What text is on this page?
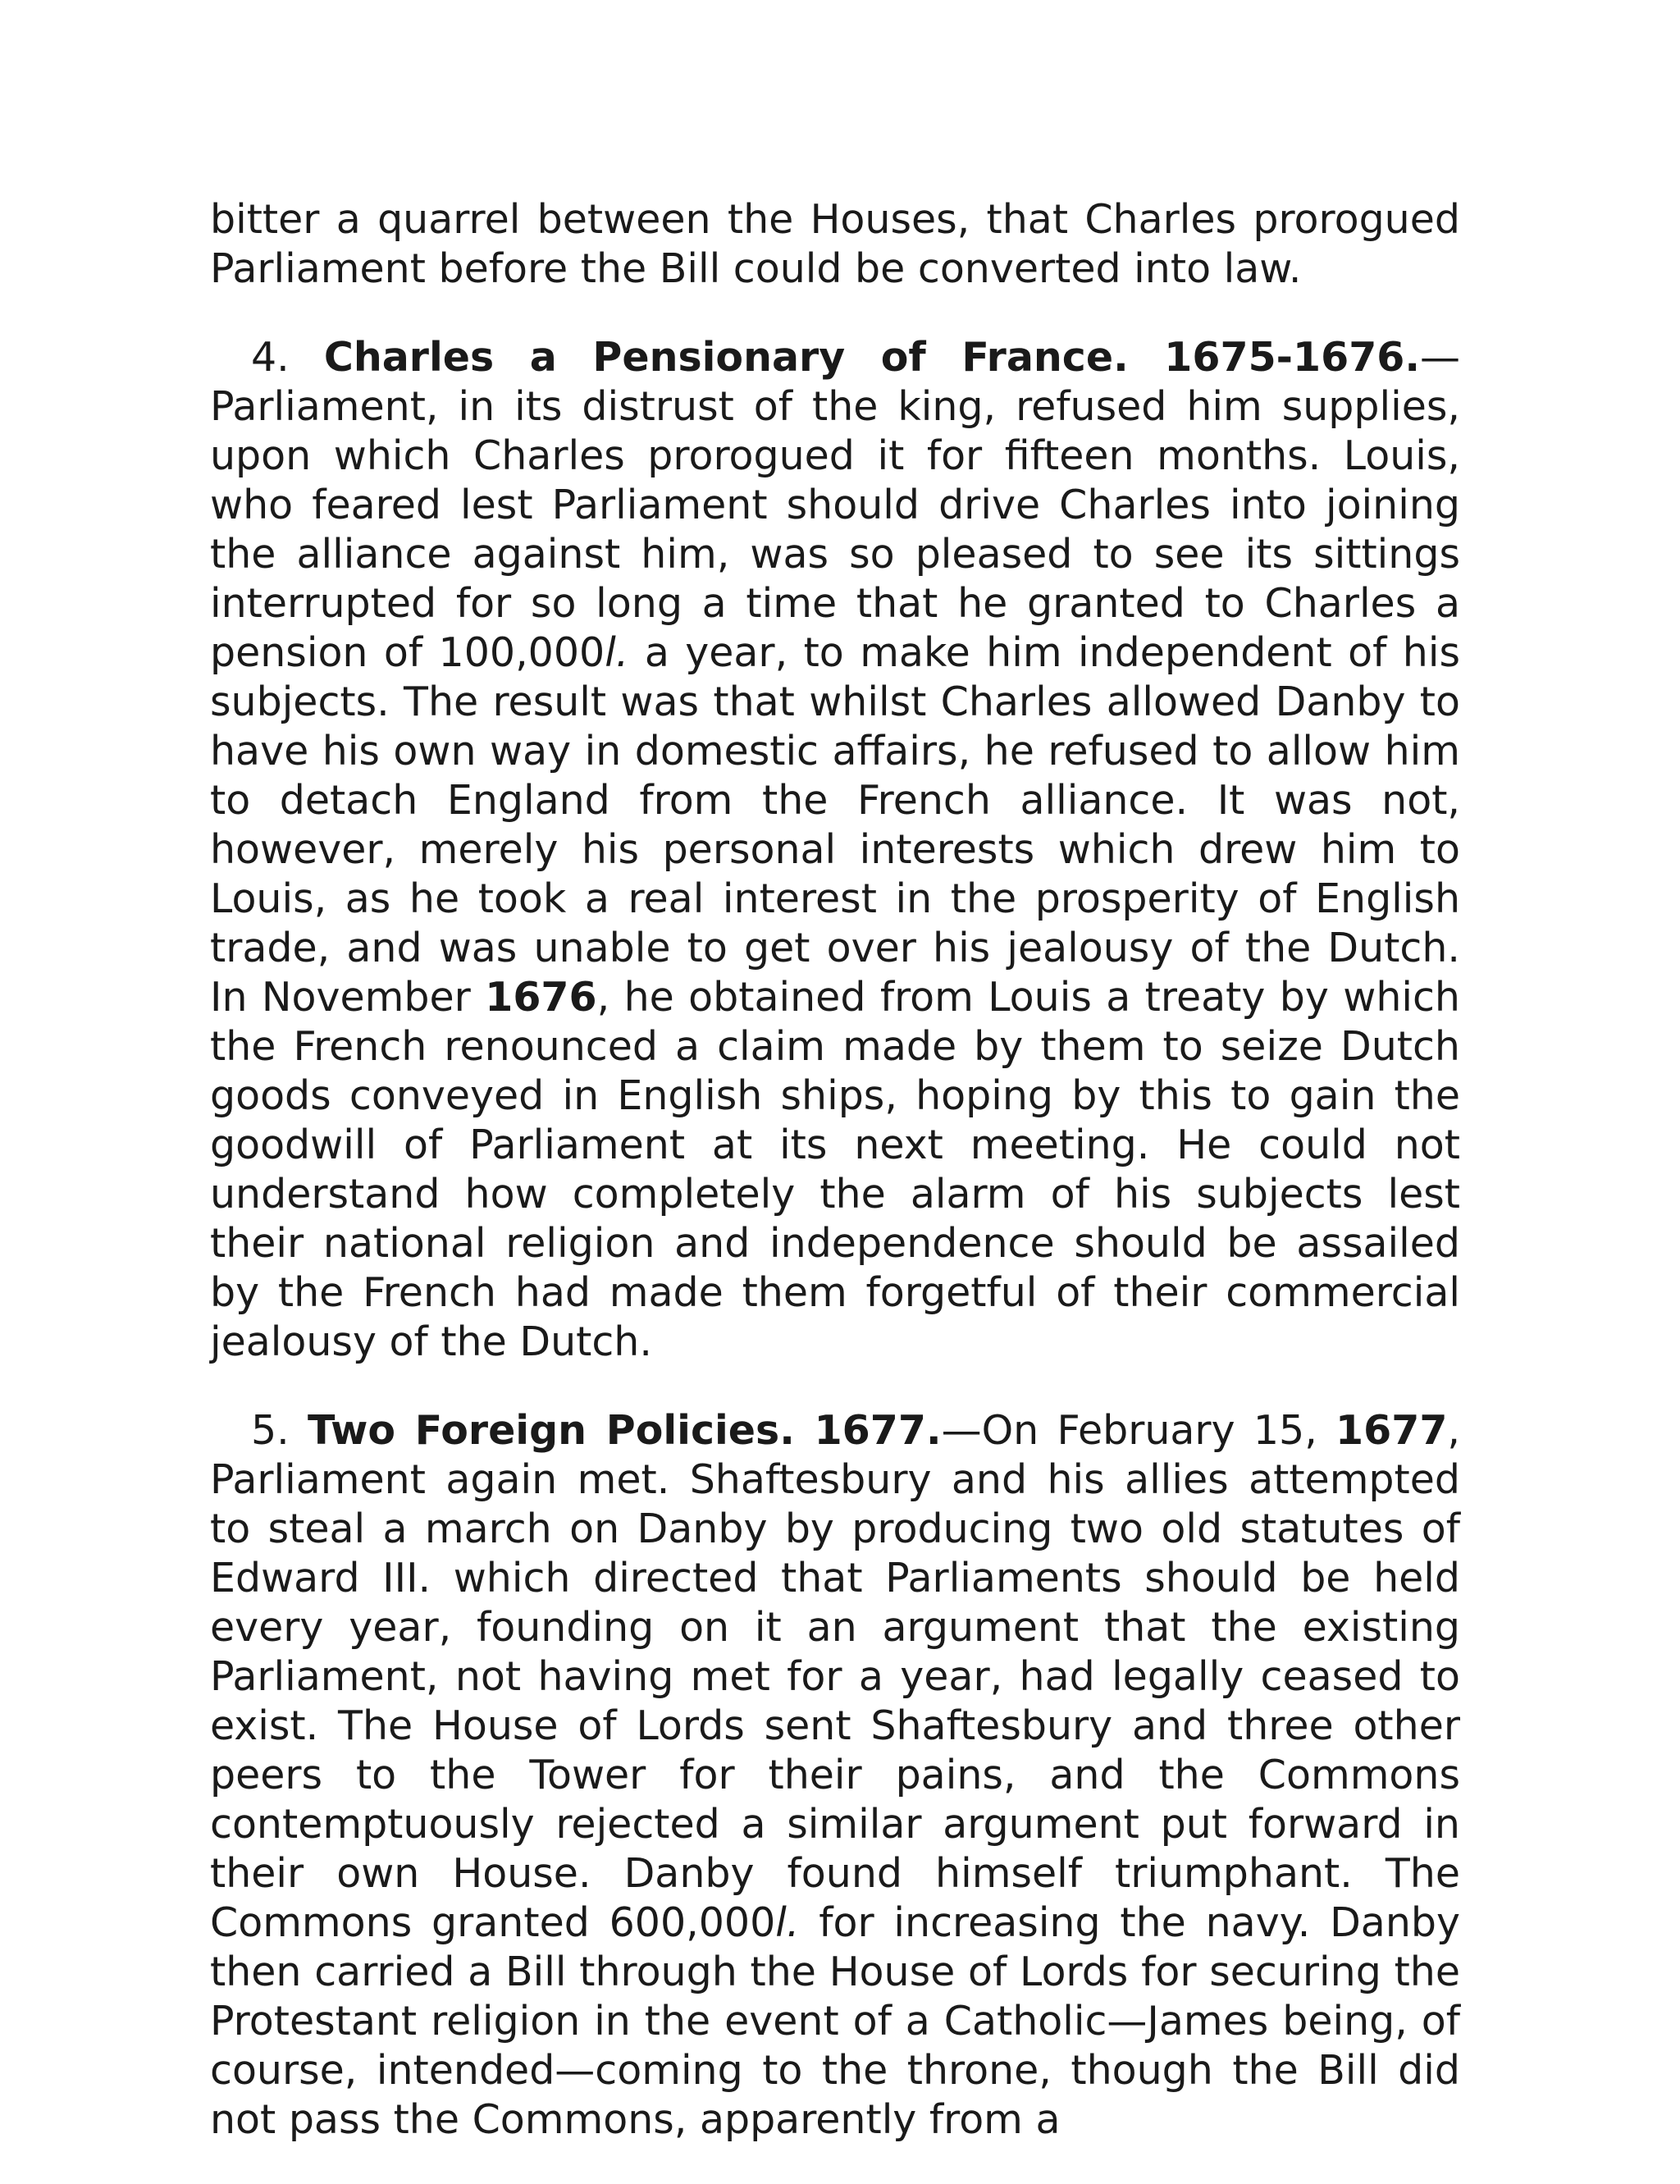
bitter a quarrel between the Houses, that Charles prorogued Parliament before the Bill could be converted into law.

4. Charles a Pensionary of France. 1675-1676.—Parliament, in its distrust of the king, refused him supplies, upon which Charles prorogued it for fifteen months. Louis, who feared lest Parliament should drive Charles into joining the alliance against him, was so pleased to see its sittings interrupted for so long a time that he granted to Charles a pension of 100,000l. a year, to make him independent of his subjects. The result was that whilst Charles allowed Danby to have his own way in domestic affairs, he refused to allow him to detach England from the French alliance. It was not, however, merely his personal interests which drew him to Louis, as he took a real interest in the prosperity of English trade, and was unable to get over his jealousy of the Dutch. In November 1676, he obtained from Louis a treaty by which the French renounced a claim made by them to seize Dutch goods conveyed in English ships, hoping by this to gain the goodwill of Parliament at its next meeting. He could not understand how completely the alarm of his subjects lest their national religion and independence should be assailed by the French had made them forgetful of their commercial jealousy of the Dutch.

5. Two Foreign Policies. 1677.—On February 15, 1677, Parliament again met. Shaftesbury and his allies attempted to steal a march on Danby by producing two old statutes of Edward III. which directed that Parliaments should be held every year, founding on it an argument that the existing Parliament, not having met for a year, had legally ceased to exist. The House of Lords sent Shaftesbury and three other peers to the Tower for their pains, and the Commons contemptuously rejected a similar argument put forward in their own House. Danby found himself triumphant. The Commons granted 600,000l. for increasing the navy. Danby then carried a Bill through the House of Lords for securing the Protestant religion in the event of a Catholic—James being, of course, intended—coming to the throne, though the Bill did not pass the Commons, apparently from a
